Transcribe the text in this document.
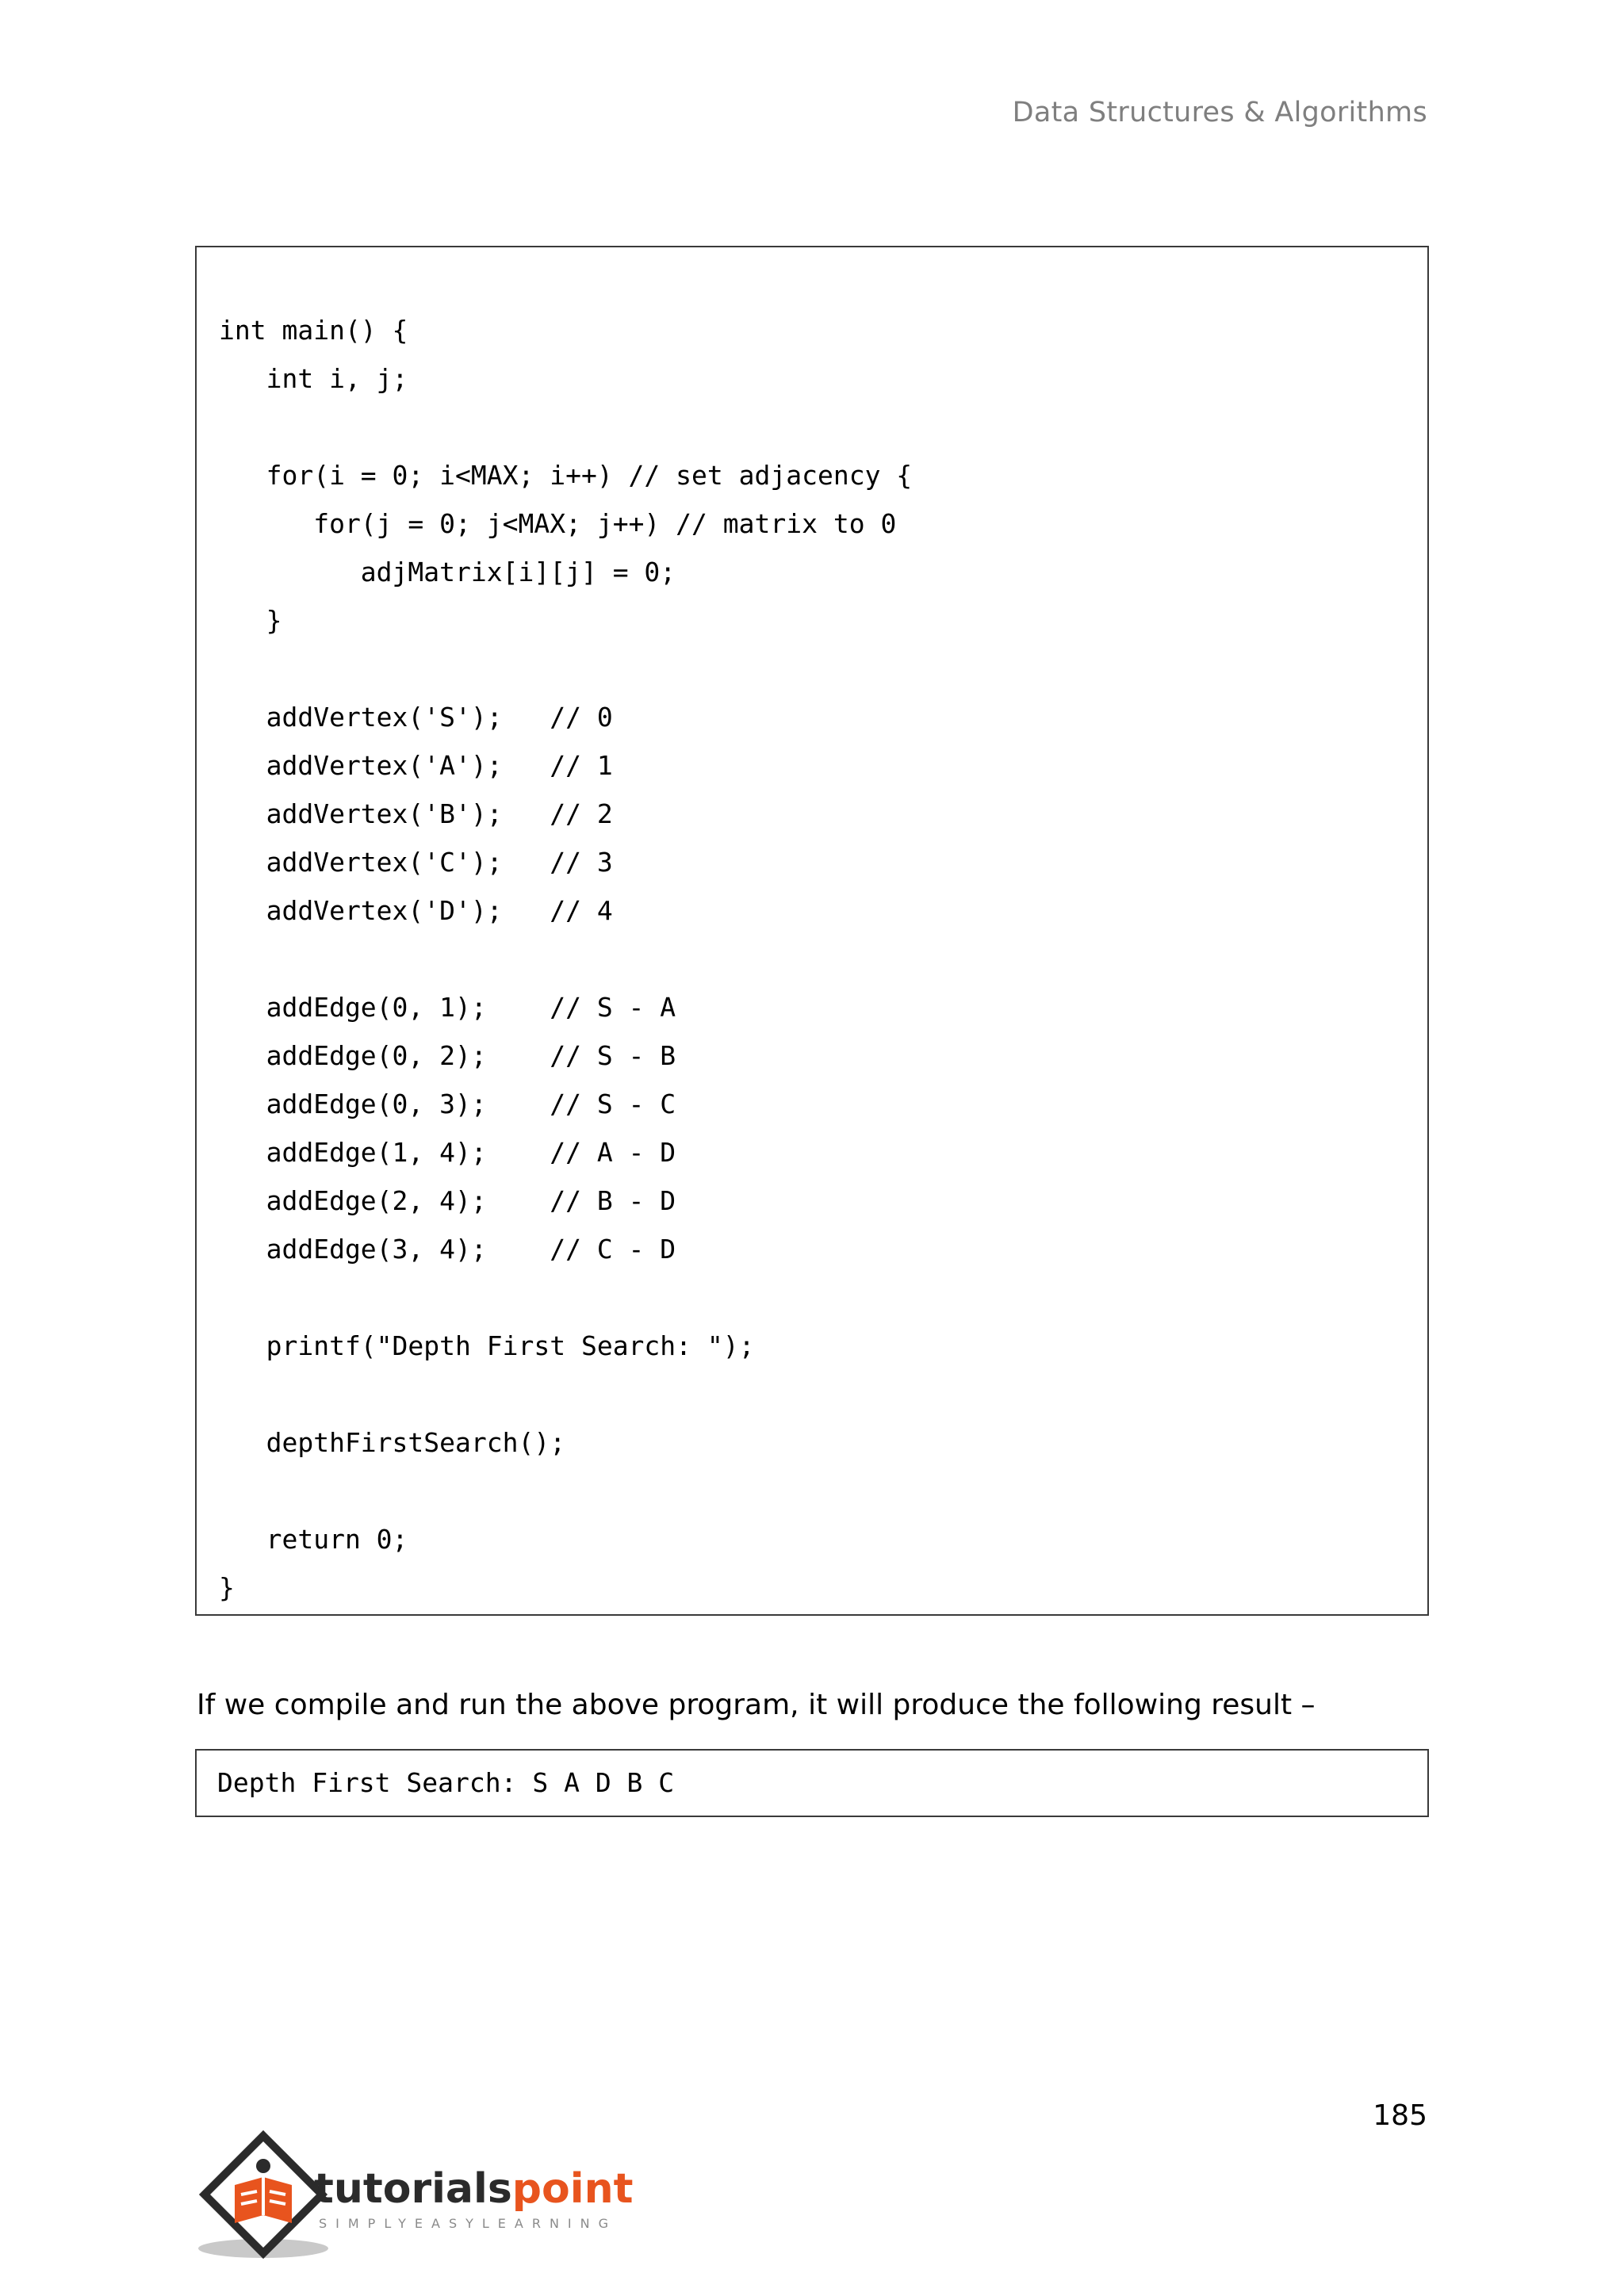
Data Structures & Algorithms
int main() {
int i, j;

for(i = 0; i<MAX; i++) // set adjacency {
for(j = 0; j<MAX; j++) // matrix to 0
adjMatrix[i][j] = 0;
}

addVertex('S');   // 0
addVertex('A');   // 1
addVertex('B');   // 2
addVertex('C');   // 3
addVertex('D');   // 4

addEdge(0, 1);    // S - A
addEdge(0, 2);    // S - B
addEdge(0, 3);    // S - C
addEdge(1, 4);    // A - D
addEdge(2, 4);    // B - D
addEdge(3, 4);    // C - D

printf("Depth First Search: ");

depthFirstSearch();

return 0;
}
If we compile and run the above program, it will produce the following result –
Depth First Search: S A D B C
185
tutorialspoint
SIMPLYEASYLEARNING
